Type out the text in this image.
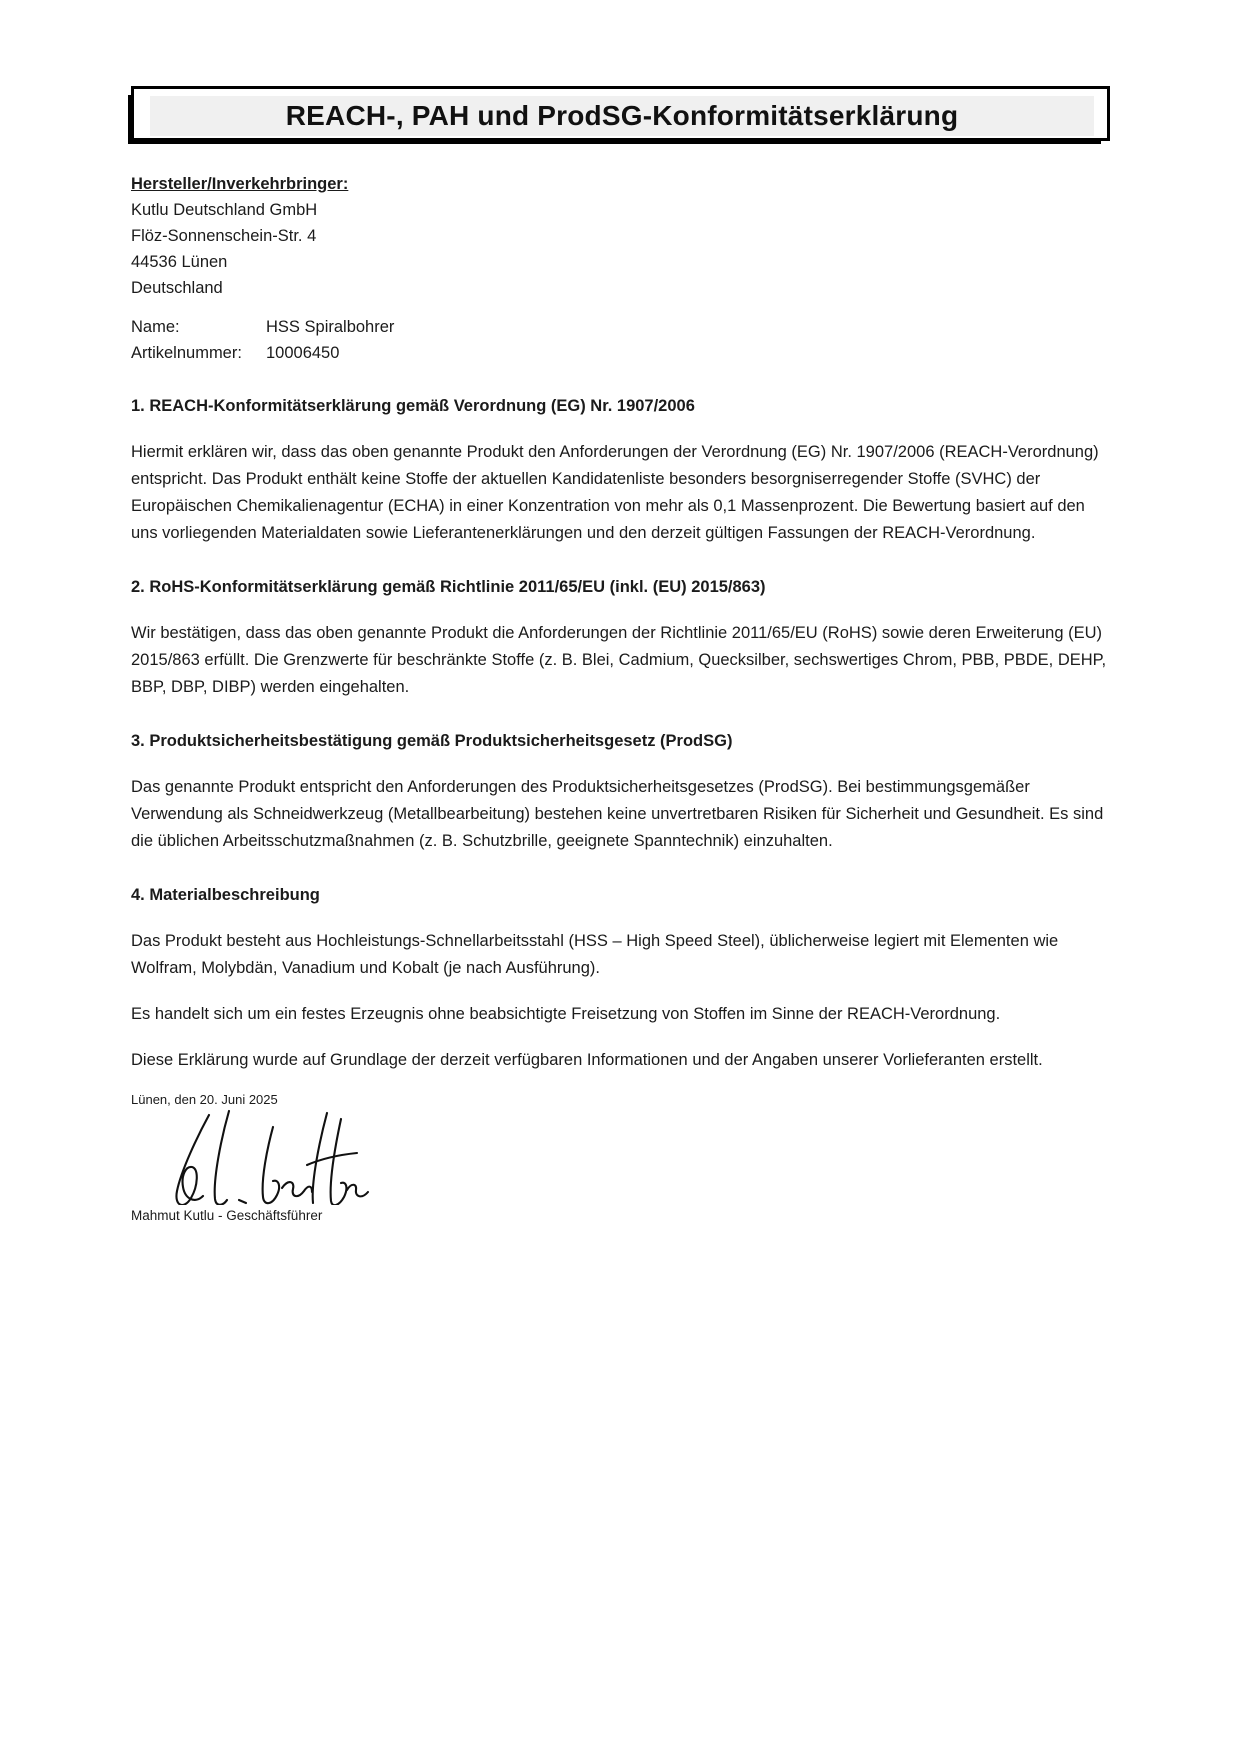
REACH-, PAH und ProdSG-Konformitätserklärung
Hersteller/Inverkehrbringer:
Kutlu Deutschland GmbH
Flöz-Sonnenschein-Str. 4
44536 Lünen
Deutschland
Name:	HSS Spiralbohrer
Artikelnummer:	10006450
1. REACH-Konformitätserklärung gemäß Verordnung (EG) Nr. 1907/2006

Hiermit erklären wir, dass das oben genannte Produkt den Anforderungen der Verordnung (EG) Nr. 1907/2006 (REACH-Verordnung) entspricht. Das Produkt enthält keine Stoffe der aktuellen Kandidatenliste besonders besorgniserregender Stoffe (SVHC) der Europäischen Chemikalienagentur (ECHA) in einer Konzentration von mehr als 0,1 Massenprozent. Die Bewertung basiert auf den uns vorliegenden Materialdaten sowie Lieferantenerklärungen und den derzeit gültigen Fassungen der REACH-Verordnung.

2. RoHS-Konformitätserklärung gemäß Richtlinie 2011/65/EU (inkl. (EU) 2015/863)

Wir bestätigen, dass das oben genannte Produkt die Anforderungen der Richtlinie 2011/65/EU (RoHS) sowie deren Erweiterung (EU) 2015/863 erfüllt. Die Grenzwerte für beschränkte Stoffe (z. B. Blei, Cadmium, Quecksilber, sechswertiges Chrom, PBB, PBDE, DEHP, BBP, DBP, DIBP) werden eingehalten.

3. Produktsicherheitsbestätigung gemäß Produktsicherheitsgesetz (ProdSG)

Das genannte Produkt entspricht den Anforderungen des Produktsicherheitsgesetzes (ProdSG). Bei bestimmungsgemäßer Verwendung als Schneidwerkzeug (Metallbearbeitung) bestehen keine unvertretbaren Risiken für Sicherheit und Gesundheit. Es sind die üblichen Arbeitsschutzmaßnahmen (z. B. Schutzbrille, geeignete Spanntechnik) einzuhalten.

4. Materialbeschreibung

Das Produkt besteht aus Hochleistungs-Schnellarbeitsstahl (HSS – High Speed Steel), üblicherweise legiert mit Elementen wie Wolfram, Molybdän, Vanadium und Kobalt (je nach Ausführung).

Es handelt sich um ein festes Erzeugnis ohne beabsichtigte Freisetzung von Stoffen im Sinne der REACH-Verordnung.

Diese Erklärung wurde auf Grundlage der derzeit verfügbaren Informationen und der Angaben unserer Vorlieferanten erstellt.

Lünen, den 20. Juni 2025
Mahmut Kutlu - Geschäftsführer
